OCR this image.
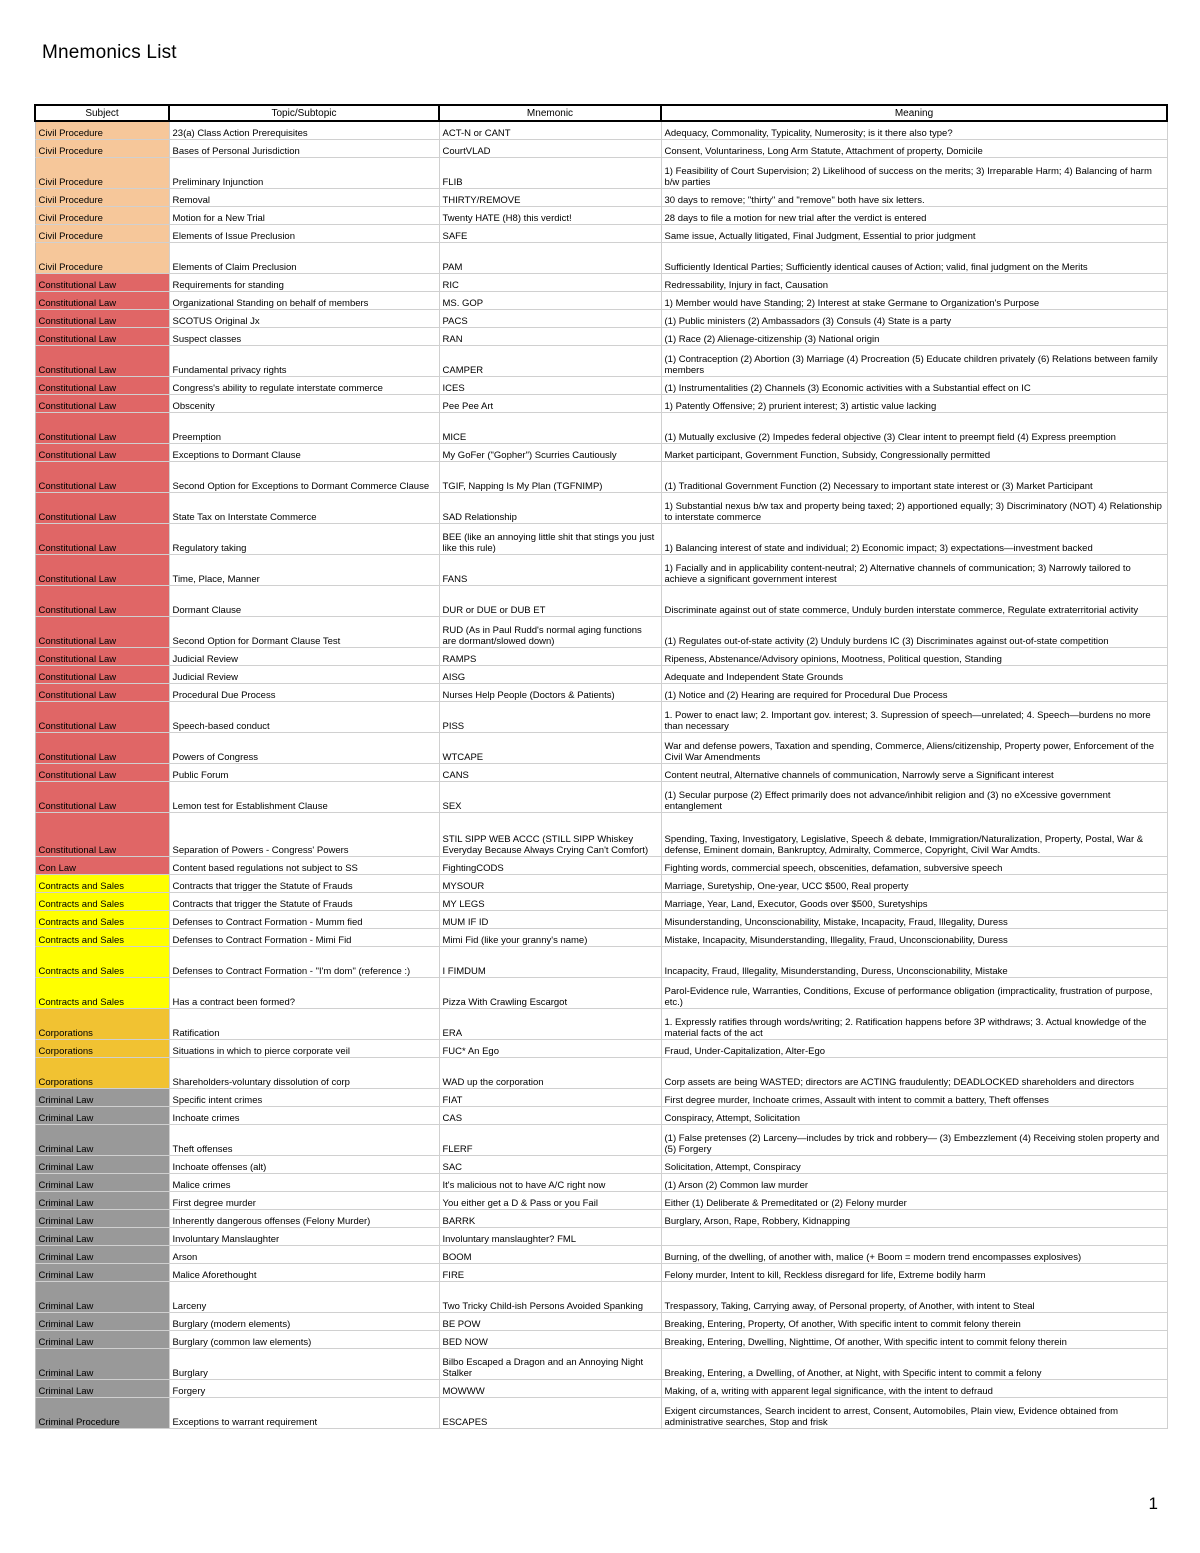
Mnemonics List
Subject	Topic/Subtopic	Mnemonic	Meaning
Civil Procedure	23(a) Class Action Prerequisites	ACT-N or CANT	Adequacy, Commonality, Typicality, Numerosity; is it there also type?
Civil Procedure	Bases of Personal Jurisdiction	CourtVLAD	Consent, Voluntariness, Long Arm Statute, Attachment of property, Domicile
Civil Procedure	Preliminary Injunction	FLIB	1) Feasibility of Court Supervision; 2) Likelihood of success on the merits; 3) Irreparable Harm; 4) Balancing of harm b/w parties
Civil Procedure	Removal	THIRTY/REMOVE	30 days to remove; "thirty" and "remove" both have six letters.
Civil Procedure	Motion for a New Trial	Twenty HATE (H8) this verdict!	28 days to file a motion for new trial after the verdict is entered
Civil Procedure	Elements of Issue Preclusion	SAFE	Same issue, Actually litigated, Final Judgment, Essential to prior judgment
Civil Procedure	Elements of Claim Preclusion	PAM	Sufficiently Identical Parties; Sufficiently identical causes of Action; valid, final judgment on the Merits
Constitutional Law	Requirements for standing	RIC	Redressability, Injury in fact, Causation
Constitutional Law	Organizational Standing on behalf of members	MS. GOP	1) Member would have Standing; 2) Interest at stake Germane to Organization's Purpose
Constitutional Law	SCOTUS Original Jx	PACS	(1) Public ministers (2) Ambassadors (3) Consuls (4) State is a party
Constitutional Law	Suspect classes	RAN	(1) Race (2) Alienage-citizenship (3) National origin
Constitutional Law	Fundamental privacy rights	CAMPER	(1) Contraception (2) Abortion (3) Marriage (4) Procreation (5) Educate children privately (6) Relations between family members
Constitutional Law	Congress's ability to regulate interstate commerce	ICES	(1) Instrumentalities (2) Channels (3) Economic activities with a Substantial effect on IC
Constitutional Law	Obscenity	Pee Pee Art	1) Patently Offensive; 2) prurient interest; 3) artistic value lacking
Constitutional Law	Preemption	MICE	(1) Mutually exclusive (2) Impedes federal objective (3) Clear intent to preempt field (4) Express preemption
Constitutional Law	Exceptions to Dormant Clause	My GoFer ("Gopher") Scurries Cautiously	Market participant, Government Function, Subsidy, Congressionally permitted
Constitutional Law	Second Option for Exceptions to Dormant Commerce Clause	TGIF, Napping Is My Plan (TGFNIMP)	(1) Traditional Government Function (2) Necessary to important state interest or (3) Market Participant
Constitutional Law	State Tax on Interstate Commerce	SAD Relationship	1) Substantial nexus b/w tax and property being taxed; 2) apportioned equally; 3) Discriminatory (NOT) 4) Relationship to interstate commerce
Constitutional Law	Regulatory taking	BEE (like an annoying little shit that stings you just like this rule)	1) Balancing interest of state and individual; 2) Economic impact; 3) expectations—investment backed
Constitutional Law	Time, Place, Manner	FANS	1) Facially and in applicability content-neutral; 2) Alternative channels of communication; 3) Narrowly tailored to achieve a significant government interest
Constitutional Law	Dormant Clause	DUR or DUE or DUB ET	Discriminate against out of state commerce, Unduly burden interstate commerce, Regulate extraterritorial activity
Constitutional Law	Second Option for Dormant Clause Test	RUD (As in Paul Rudd's normal aging functions are dormant/slowed down)	(1) Regulates out-of-state activity (2) Unduly burdens IC (3) Discriminates against out-of-state competition
Constitutional Law	Judicial Review	RAMPS	Ripeness, Abstenance/Advisory opinions, Mootness, Political question, Standing
Constitutional Law	Judicial Review	AISG	Adequate and Independent State Grounds
Constitutional Law	Procedural Due Process	Nurses Help People (Doctors & Patients)	(1) Notice and (2) Hearing are required for Procedural Due Process
Constitutional Law	Speech-based conduct	PISS	1. Power to enact law; 2. Important gov. interest; 3. Supression of speech—unrelated; 4. Speech—burdens no more than necessary
Constitutional Law	Powers of Congress	WTCAPE	War and defense powers, Taxation and spending, Commerce, Aliens/citizenship, Property power, Enforcement of the Civil War Amendments
Constitutional Law	Public Forum	CANS	Content neutral, Alternative channels of communication, Narrowly serve a Significant interest
Constitutional Law	Lemon test for Establishment Clause	SEX	(1) Secular purpose (2) Effect primarily does not advance/inhibit religion and (3) no eXcessive government entanglement
Constitutional Law	Separation of Powers - Congress' Powers	STIL SIPP WEB ACCC (STILL SIPP Whiskey Everyday Because Always Crying Can't Comfort)	Spending, Taxing, Investigatory, Legislative, Speech & debate, Immigration/Naturalization, Property, Postal, War & defense, Eminent domain, Bankruptcy, Admiralty, Commerce, Copyright, Civil War Amdts.
Con Law	Content based regulations not subject to SS	FightingCODS	Fighting words, commercial speech, obscenities, defamation, subversive speech
Contracts and Sales	Contracts that trigger the Statute of Frauds	MYSOUR	Marriage, Suretyship, One-year, UCC $500, Real property
Contracts and Sales	Contracts that trigger the Statute of Frauds	MY LEGS	Marriage, Year, Land, Executor, Goods over $500, Suretyships
Contracts and Sales	Defenses to Contract Formation - Mumm fied	MUM IF ID	Misunderstanding, Unconscionability, Mistake, Incapacity, Fraud, Illegality, Duress
Contracts and Sales	Defenses to Contract Formation - Mimi Fid	Mimi Fid (like your granny's name)	Mistake, Incapacity, Misunderstanding, Illegality, Fraud, Unconscionability, Duress
Contracts and Sales	Defenses to Contract Formation - "I'm dom" (reference :)	I FIMDUM	Incapacity, Fraud, Illegality, Misunderstanding, Duress, Unconscionability, Mistake
Contracts and Sales	Has a contract been formed?	Pizza With Crawling Escargot	Parol-Evidence rule, Warranties, Conditions, Excuse of performance obligation (impracticality, frustration of purpose, etc.)
Corporations	Ratification	ERA	1. Expressly ratifies through words/writing; 2. Ratification happens before 3P withdraws; 3. Actual knowledge of the material facts of the act
Corporations	Situations in which to pierce corporate veil	FUC* An Ego	Fraud, Under-Capitalization, Alter-Ego
Corporations	Shareholders-voluntary dissolution of corp	WAD up the corporation	Corp assets are being WASTED; directors are ACTING fraudulently; DEADLOCKED shareholders and directors
Criminal Law	Specific intent crimes	FIAT	First degree murder, Inchoate crimes, Assault with intent to commit a battery, Theft offenses
Criminal Law	Inchoate crimes	CAS	Conspiracy, Attempt, Solicitation
Criminal Law	Theft offenses	FLERF	(1) False pretenses (2) Larceny—includes by trick and robbery— (3) Embezzlement (4) Receiving stolen property and (5) Forgery
Criminal Law	Inchoate offenses (alt)	SAC	Solicitation, Attempt, Conspiracy
Criminal Law	Malice crimes	It's malicious not to have A/C right now	(1) Arson (2) Common law murder
Criminal Law	First degree murder	You either get a D & Pass or you Fail	Either (1) Deliberate & Premeditated or (2) Felony murder
Criminal Law	Inherently dangerous offenses (Felony Murder)	BARRK	Burglary, Arson, Rape, Robbery, Kidnapping
Criminal Law	Involuntary Manslaughter	Involuntary manslaughter? FML	
Criminal Law	Arson	BOOM	Burning, of the dwelling, of another with, malice (+ Boom = modern trend encompasses explosives)
Criminal Law	Malice Aforethought	FIRE	Felony murder, Intent to kill, Reckless disregard for life, Extreme bodily harm
Criminal Law	Larceny	Two Tricky Child-ish Persons Avoided Spanking	Trespassory, Taking, Carrying away, of Personal property, of Another, with intent to Steal
Criminal Law	Burglary (modern elements)	BE POW	Breaking, Entering, Property, Of another, With specific intent to commit felony therein
Criminal Law	Burglary (common law elements)	BED NOW	Breaking, Entering, Dwelling, Nighttime, Of another, With specific intent to commit felony therein
Criminal Law	Burglary	Bilbo Escaped a Dragon and an Annoying Night Stalker	Breaking, Entering, a Dwelling, of Another, at Night, with Specific intent to commit a felony
Criminal Law	Forgery	MOWWW	Making, of a, writing with apparent legal significance, with the intent to defraud
Criminal Procedure	Exceptions to warrant requirement	ESCAPES	Exigent circumstances, Search incident to arrest, Consent, Automobiles, Plain view, Evidence obtained from administrative searches, Stop and frisk
1
